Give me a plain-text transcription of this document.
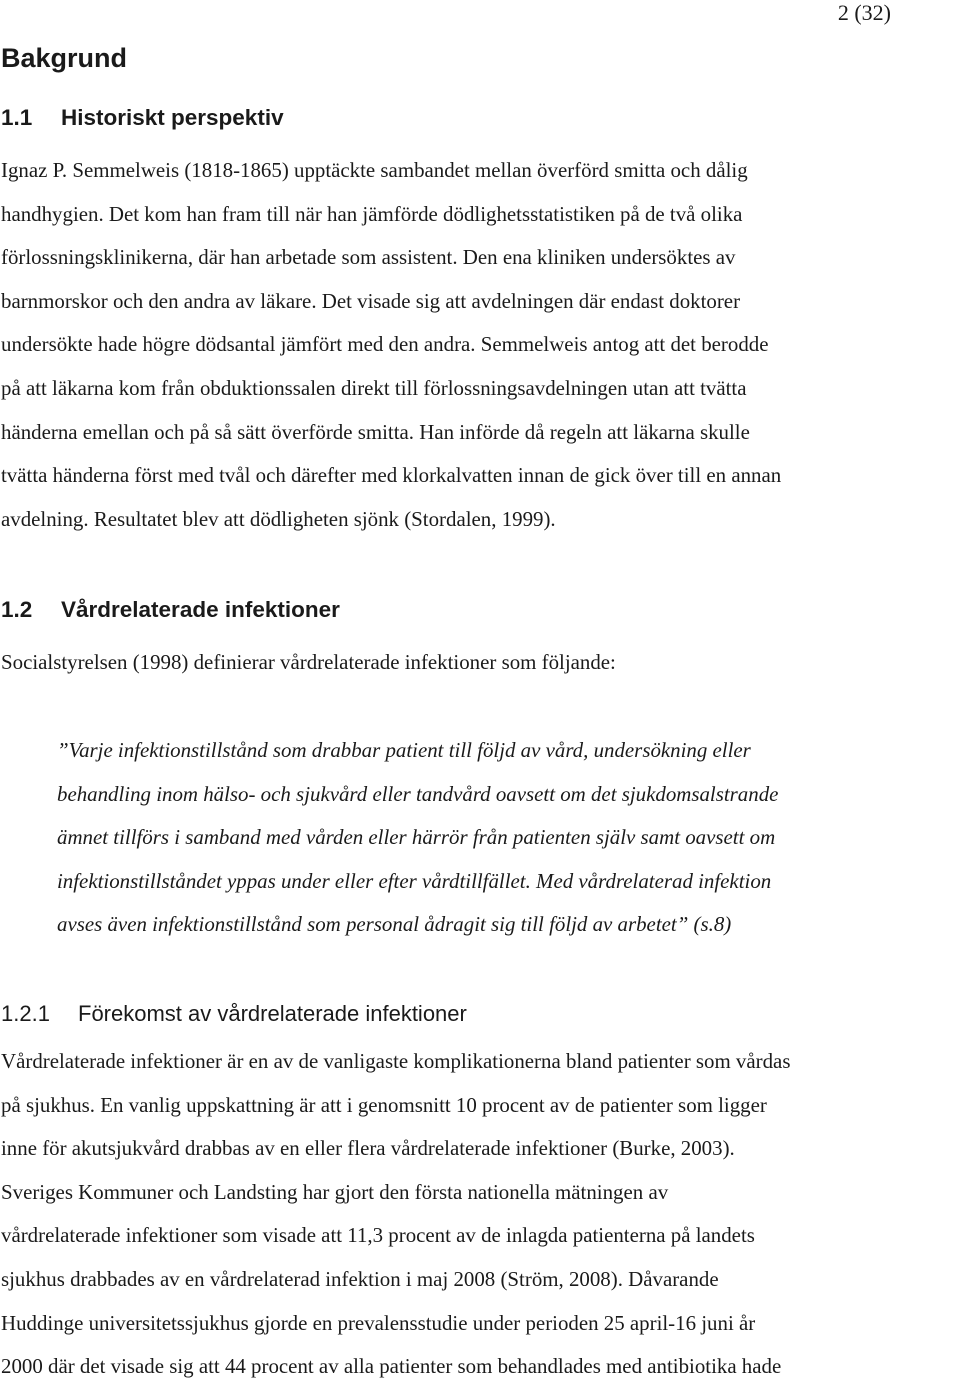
2 (32)
Bakgrund
1.1 Historiskt perspektiv
Ignaz P. Semmelweis (1818-1865) upptäckte sambandet mellan överförd smitta och dålig
handhygien. Det kom han fram till när han jämförde dödlighetsstatistiken på de två olika
förlossningsklinikerna, där han arbetade som assistent. Den ena kliniken undersöktes av
barnmorskor och den andra av läkare. Det visade sig att avdelningen där endast doktorer
undersökte hade högre dödsantal jämfört med den andra. Semmelweis antog att det berodde
på att läkarna kom från obduktionssalen direkt till förlossningsavdelningen utan att tvätta
händerna emellan och på så sätt överförde smitta. Han införde då regeln att läkarna skulle
tvätta händerna först med tvål och därefter med klorkalvatten innan de gick över till en annan
avdelning. Resultatet blev att dödligheten sjönk (Stordalen, 1999).
1.2 Vårdrelaterade infektioner
Socialstyrelsen (1998) definierar vårdrelaterade infektioner som följande:
”Varje infektionstillstånd som drabbar patient till följd av vård, undersökning eller
behandling inom hälso- och sjukvård eller tandvård oavsett om det sjukdomsalstrande
ämnet tillförs i samband med vården eller härrör från patienten själv samt oavsett om
infektionstillståndet yppas under eller efter vårdtillfället. Med vårdrelaterad infektion
avses även infektionstillstånd som personal ådragit sig till följd av arbetet” (s.8)
1.2.1 Förekomst av vårdrelaterade infektioner
Vårdrelaterade infektioner är en av de vanligaste komplikationerna bland patienter som vårdas
på sjukhus. En vanlig uppskattning är att i genomsnitt 10 procent av de patienter som ligger
inne för akutsjukvård drabbas av en eller flera vårdrelaterade infektioner (Burke, 2003).
Sveriges Kommuner och Landsting har gjort den första nationella mätningen av
vårdrelaterade infektioner som visade att 11,3 procent av de inlagda patienterna på landets
sjukhus drabbades av en vårdrelaterad infektion i maj 2008 (Ström, 2008). Dåvarande
Huddinge universitetssjukhus gjorde en prevalensstudie under perioden 25 april-16 juni år
2000 där det visade sig att 44 procent av alla patienter som behandlades med antibiotika hade
